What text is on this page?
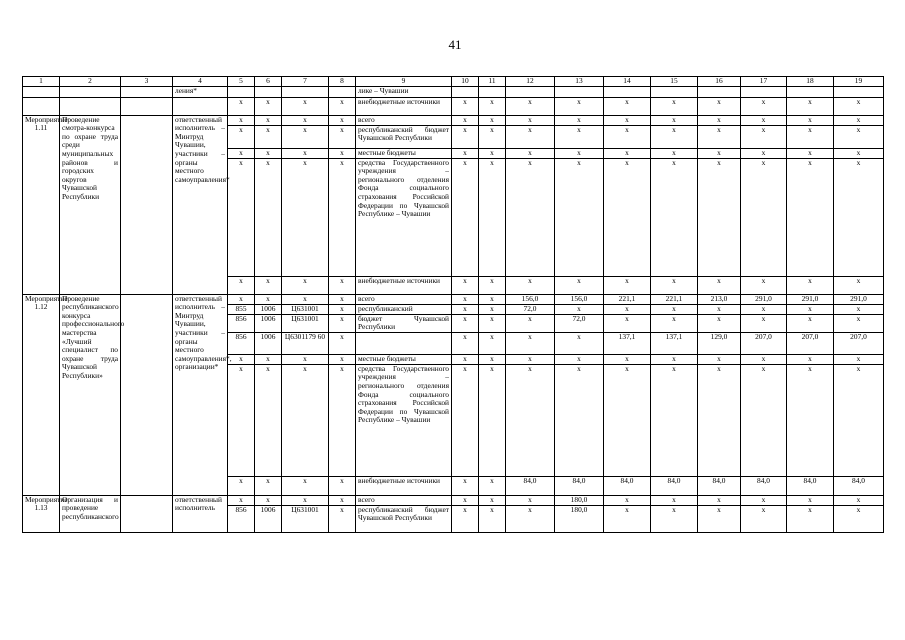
41
1	2	3	4	5	6	7	8	9	10	11	12	13	14	15	16	17	18	19	
			ления*					лике – Чувашии											
				x	x	x	x	внебюджетные источники	x	x	x	x	x	x	x	x	x	x	
Мероприятие 1.11	Проведение смотра-конкурса по охране труда среди муниципальных районов и городских округов Чувашской Республики		ответственный исполнитель – Минтруд Чувашии, участники – органы местного самоуправления*	x	x	x	x	всего	x	x	x	x	x	x	x	x	x	x	
				x	x	x	x	республиканский бюджет Чувашской Республики	x	x	x	x	x	x	x	x	x	x	
				x	x	x	x	местные бюджеты	x	x	x	x	x	x	x	x	x	x	
				x	x	x	x	средства Государственного учреждения – регионального отделения Фонда социального страхования Российской Федерации по Чувашской Республике – Чувашии	x	x	x	x	x	x	x	x	x	x	
				x	x	x	x	внебюджетные источники	x	x	x	x	x	x	x	x	x	x	
Мероприятие 1.12	Проведение республиканского конкурса профессионального мастерства «Лучший специалист по охране труда Чувашской Республики»		ответственный исполнитель – Минтруд Чувашии, участники – органы местного самоуправления*, организации*	x	x	x	x	всего	x	x	156,0	156,0	221,1	221,1	213,0	291,0	291,0	291,0	
				855	1006	Ц631001	x	республиканский	x	x	72,0	x	x	x	x	x	x	x	
				856	1006	Ц631001	x	бюджет Чувашской Республики	x	x	x	72,0	x	x	x	x	x	x	
				856	1006	Ц6301179 60	x		x	x	x	x	137,1	137,1	129,0	207,0	207,0	207,0	
				x	x	x	x	местные бюджеты	x	x	x	x	x	x	x	x	x	x	
				x	x	x	x	средства Государственного учреждения – регионального отделения Фонда социального страхования Российской Федерации по Чувашской Республике – Чувашии	x	x	x	x	x	x	x	x	x	x	
				x	x	x	x	внебюджетные источники	x	x	84,0	84,0	84,0	84,0	84,0	84,0	84,0	84,0	
Мероприятие 1.13	Организация и проведение республиканского		ответственный исполнитель	x	x	x	x	всего	x	x	x	180,0	x	x	x	x	x	x	
				856	1006	Ц631001	x	республиканский бюджет Чувашской Республики	x	x	x	180,0	x	x	x	x	x	x	
